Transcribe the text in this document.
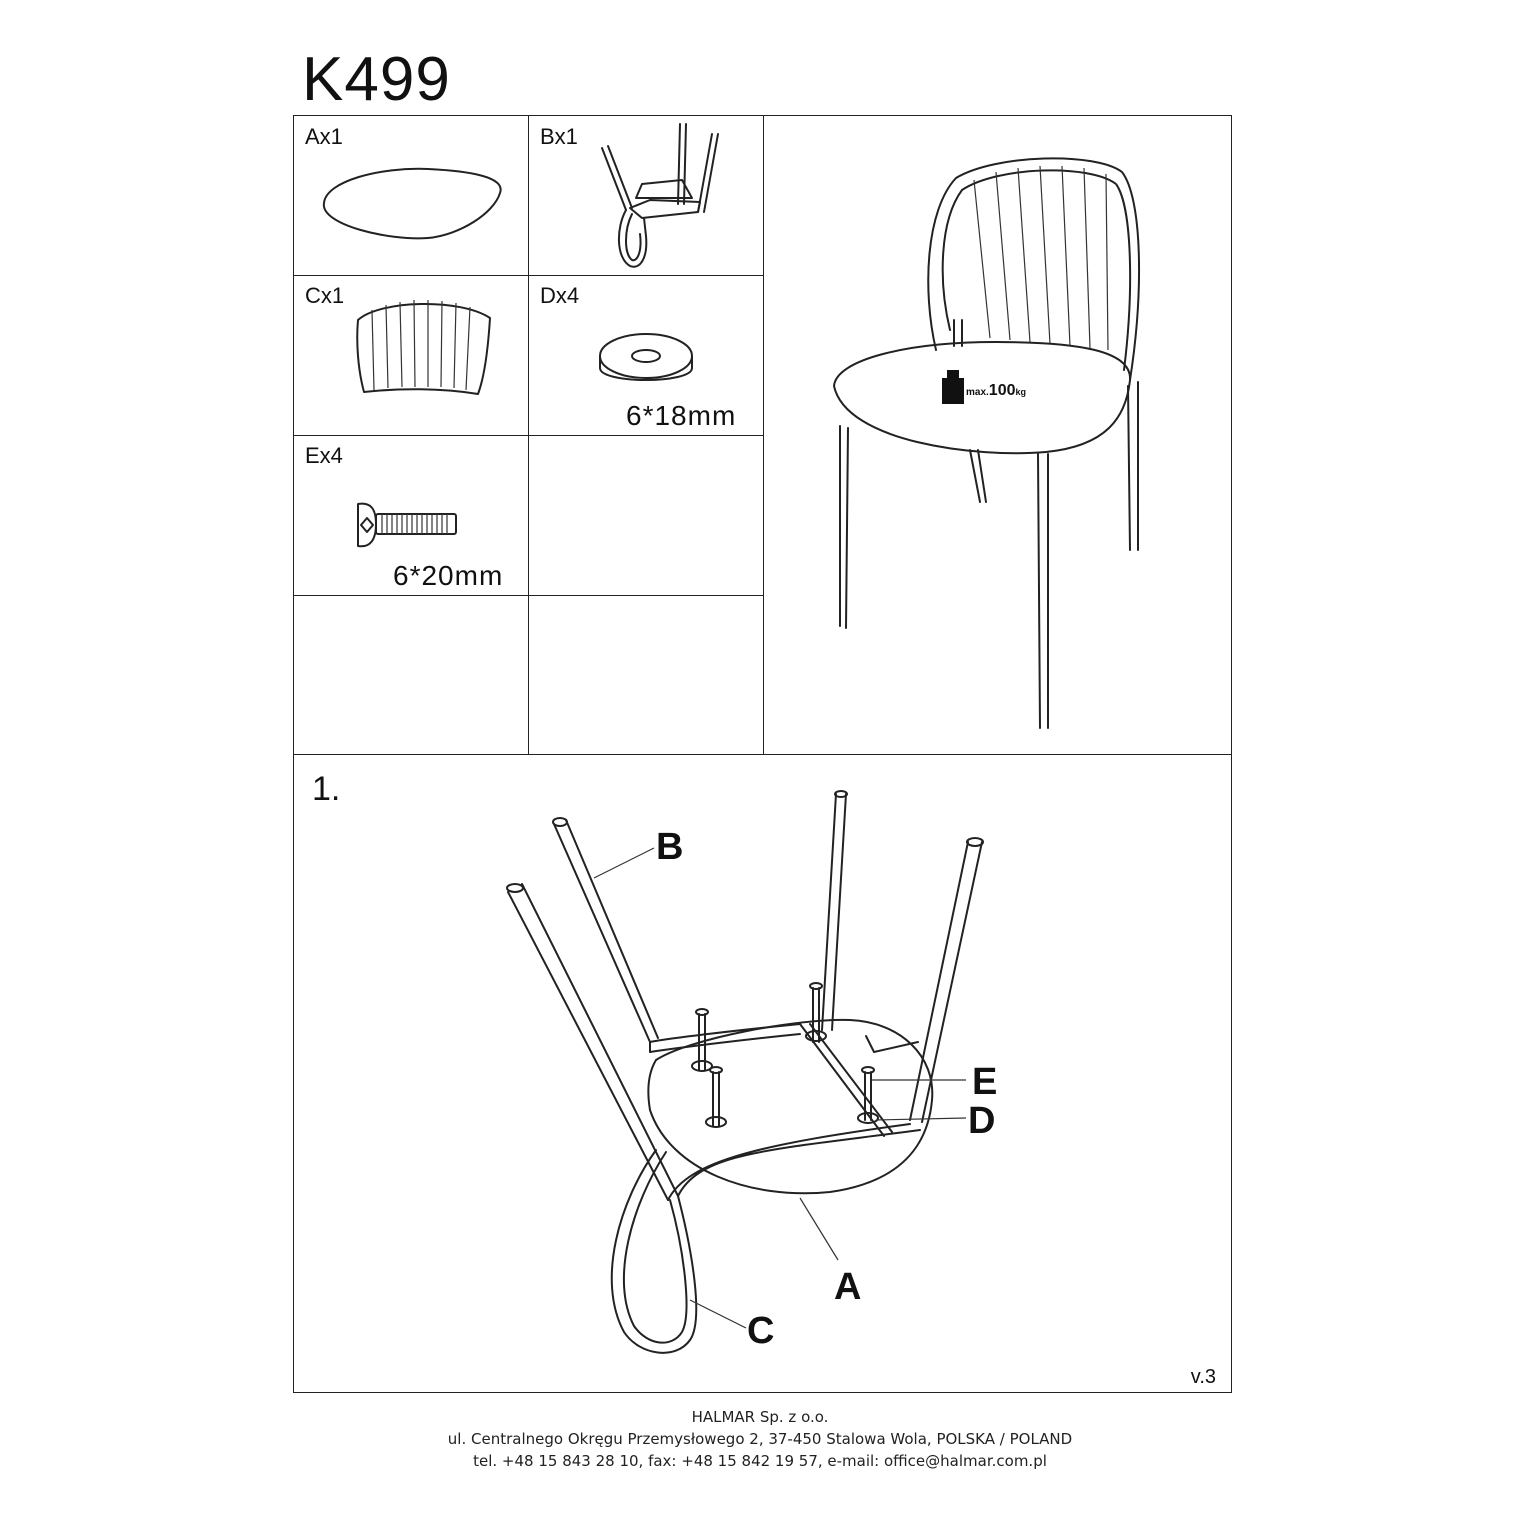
K499
Ax1	Bx1
Cx1	Dx4
6*18mm
Ex4
6*20mm
max.100kg
1.
B
E
D
A
C
v.3
HALMAR Sp. z o.o.
ul. Centralnego Okręgu Przemysłowego 2, 37-450 Stalowa Wola, POLSKA / POLAND
tel. +48 15 843 28 10, fax: +48 15 842 19 57, e-mail: office@halmar.com.pl
